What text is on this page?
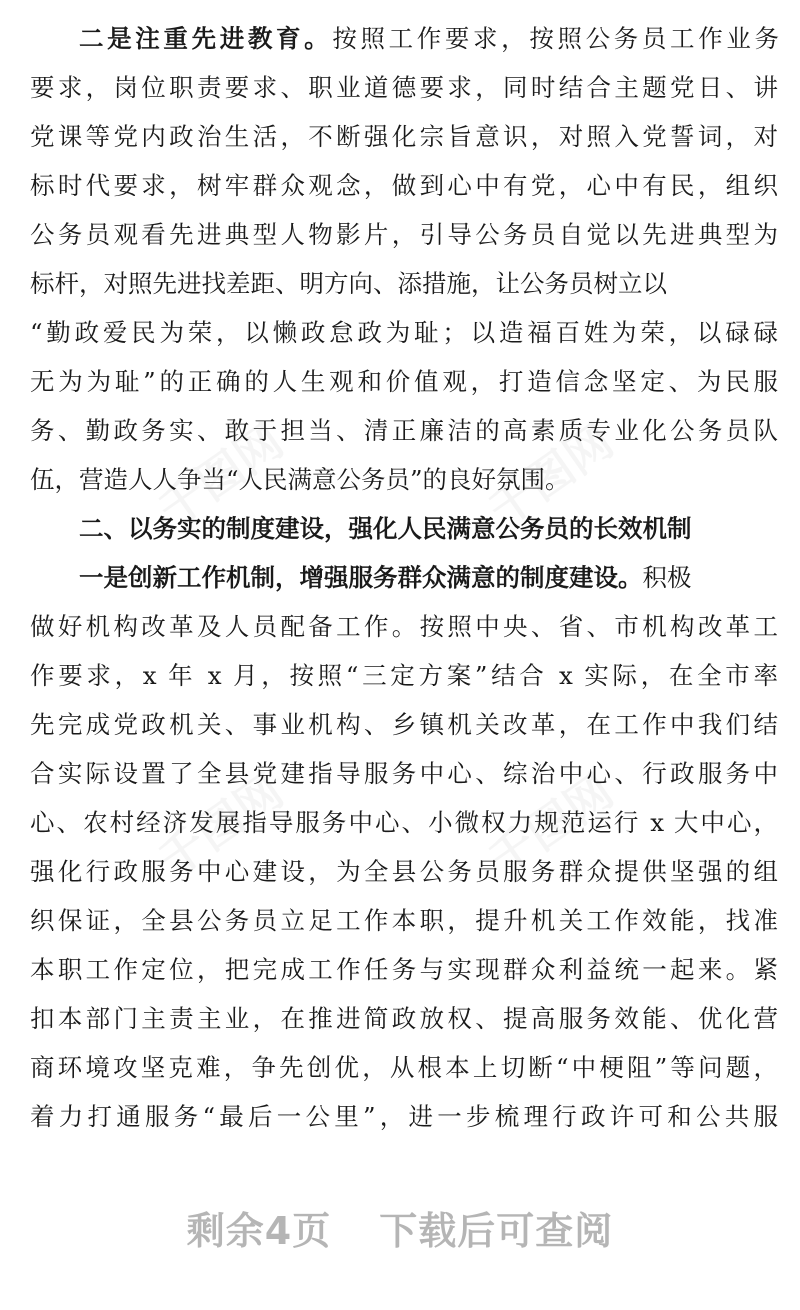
千图网	千图网
千图网	千图网
二是注重先进教育。按照工作要求，按照公务员工作业务
要求，岗位职责要求、职业道德要求，同时结合主题党日、讲
党课等党内政治生活，不断强化宗旨意识，对照入党誓词，对
标时代要求，树牢群众观念，做到心中有党，心中有民，组织
公务员观看先进典型人物影片，引导公务员自觉以先进典型为
标杆，对照先进找差距、明方向、添措施，让公务员树立以
“勤政爱民为荣，以懒政怠政为耻；以造福百姓为荣，以碌碌
无为为耻”的正确的人生观和价值观，打造信念坚定、为民服
务、勤政务实、敢于担当、清正廉洁的高素质专业化公务员队
伍，营造人人争当“人民满意公务员”的良好氛围。
二、以务实的制度建设，强化人民满意公务员的长效机制
一是创新工作机制，增强服务群众满意的制度建设。积极
做好机构改革及人员配备工作。按照中央、省、市机构改革工
作要求，x 年 x 月，按照“三定方案”结合 x 实际，在全市率
先完成党政机关、事业机构、乡镇机关改革，在工作中我们结
合实际设置了全县党建指导服务中心、综治中心、行政服务中
心、农村经济发展指导服务中心、小微权力规范运行 x 大中心，
强化行政服务中心建设，为全县公务员服务群众提供坚强的组
织保证，全县公务员立足工作本职，提升机关工作效能，找准
本职工作定位，把完成工作任务与实现群众利益统一起来。紧
扣本部门主责主业，在推进简政放权、提高服务效能、优化营
商环境攻坚克难，争先创优，从根本上切断“中梗阻”等问题，
着力打通服务“最后一公里”，进一步梳理行政许可和公共服
剩余4页 下载后可查阅
